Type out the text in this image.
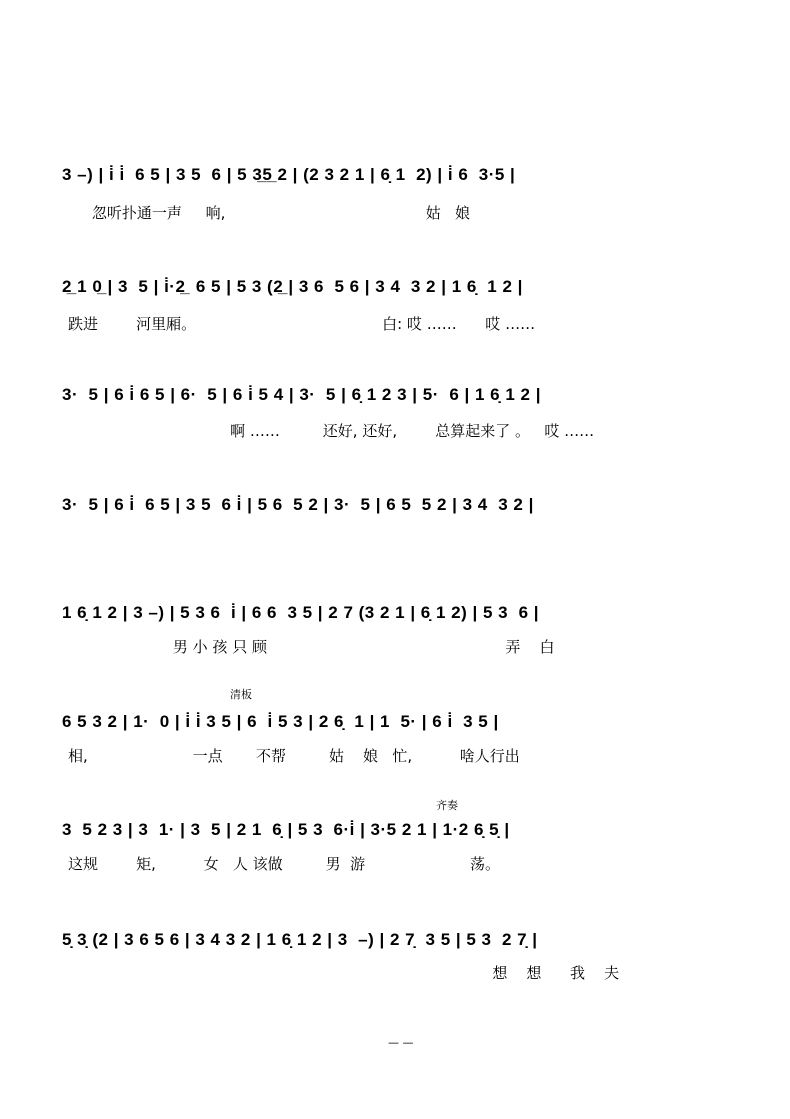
3 –) | i̇ i̇  6 5 | 3 5  6 | 5 3̲5̲ 2 | (2 3 2 1 | 6̣ 1  2) | i̇ 6  3·5 |
忽听扑通一声     响,                                          姑   娘
2̲ 1 0̲ | 3  5 | i̇·2̲  6 5 | 5 3 (2̲ | 3 6  5 6 | 3 4  3 2 | 1 6̣  1 2 |
跌进        河里厢。                                       白: 哎 ……      哎 ……
3·  5 | 6 i̇ 6 5 | 6·  5 | 6 i̇ 5 4 | 3·  5 | 6̣ 1 2 3 | 5·  6 | 1 6̣ 1 2 |
啊 ……         还好, 还好,        总算起来了 。   哎 ……
3·  5 | 6 i̇  6 5 | 3 5  6 i̇ | 5 6  5 2 | 3·  5 | 6 5  5 2 | 3 4  3 2 |
1 6̣ 1 2 | 3 –) | 5 3 6  i̇ | 6 6  3 5 | 2 7 (3 2 1 | 6̣ 1 2) | 5 3  6 |
男 小 孩 只 顾                                                  弄    白
清板
6 5 3 2 | 1·  0 | i̇ i̇ 3 5 | 6  i̇ 5 3 | 2 6̣  1 | 1  5· | 6 i̇  3 5 |
相,                      一点       不帮         姑    娘   忙,          啥人行出
齐奏
3  5 2 3 | 3  1· | 3  5 | 2 1  6̣ | 5 3  6·i̇ | 3·5 2 1 | 1·2 6̣ 5̣ |
这规        矩,          女   人 该做         男  游                      荡。
5̣ 3̣ (2 | 3 6 5 6 | 3 4 3 2 | 1 6̣ 1 2 | 3  –) | 2 7̣  3 5 | 5 3  2 7̣ |
想    想      我    夫
— —
